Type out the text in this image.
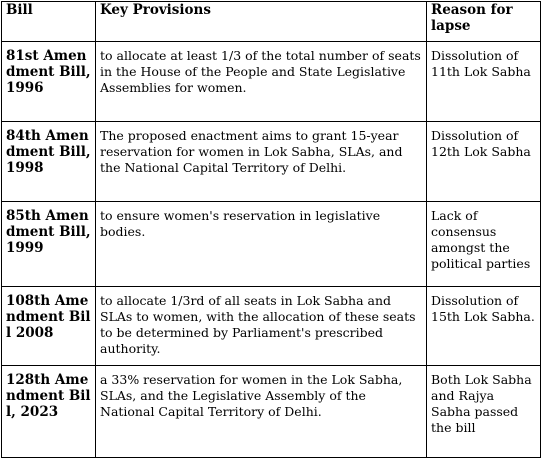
Bill	Key Provisions	Reason for lapse

81st Amendment Bill, 1996	to allocate at least 1/3 of the total number of seats in the House of the People and State Legislative Assemblies for women.	Dissolution of 11th Lok Sabha

84th Amendment Bill, 1998	The proposed enactment aims to grant 15-year reservation for women in Lok Sabha, SLAs, and the National Capital Territory of Delhi.	Dissolution of 12th Lok Sabha

85th Amendment Bill, 1999	to ensure women's reservation in legislative bodies.	Lack of consensus amongst the political parties

108th Amendment Bill 2008	to allocate 1/3rd of all seats in Lok Sabha and SLAs to women, with the allocation of these seats to be determined by Parliament's prescribed authority.	Dissolution of 15th Lok Sabha.

128th Amendment Bill, 2023	a 33% reservation for women in the Lok Sabha, SLAs, and the Legislative Assembly of the National Capital Territory of Delhi.	Both Lok Sabha and Rajya Sabha passed the bill
